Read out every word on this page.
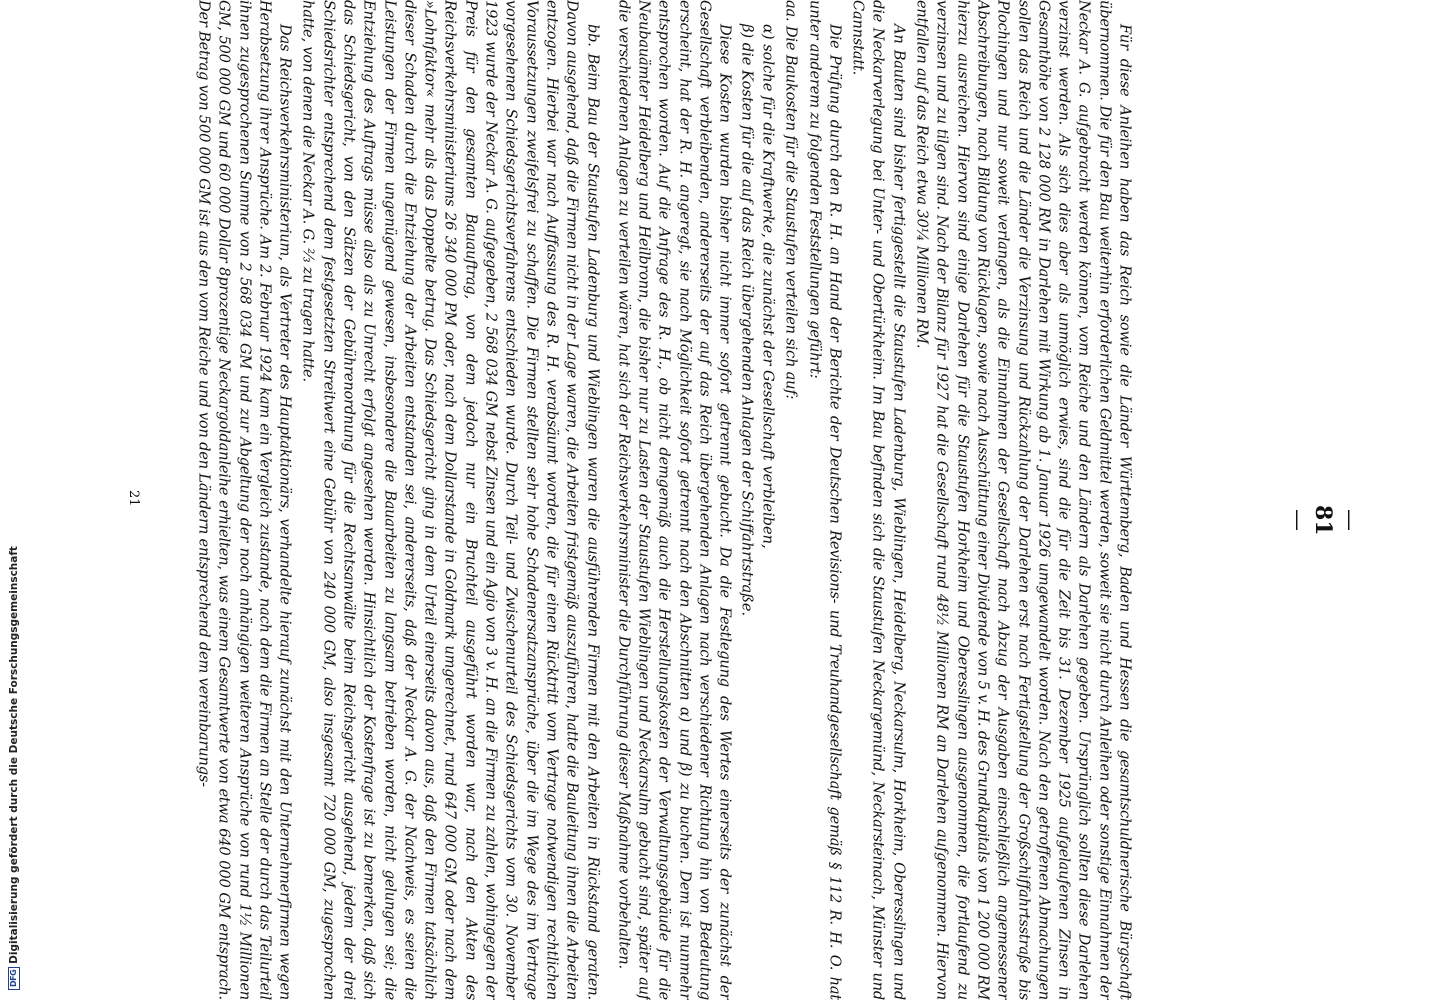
DFG
Digitalisierung gefördert durch die Deutsche Forschungsgemeinschaft	Für diese Anleihen haben das Reich sowie die Länder Württemberg, Baden und Hessen die gesamtschuldnerische Bürgschaft übernommen. Die für den Bau weiterhin erforderlichen Geldmittel werden, soweit sie nicht durch Anleihen oder sonstige Einnahmen der Neckar A. G. aufgebracht werden können, vom Reiche und den Ländern als Darlehen gegeben. Ursprünglich sollten diese Darlehen verzinst werden. Als sich dies aber als unmöglich erwies, sind die für die Zeit bis 31. Dezember 1925 aufgelaufenen Zinsen in Gesamthöhe von 2 128 000 RM in Darlehen mit Wirkung ab 1. Januar 1926 umgewandelt worden. Nach den getroffenen Abmachungen sollen das Reich und die Länder die Verzinsung und Rückzahlung der Darlehen erst nach Fertigstellung der Großschiffahrtsstraße bis Plochingen und nur soweit verlangen, als die Einnahmen der Gesellschaft nach Abzug der Ausgaben einschließlich angemessener Abschreibungen, nach Bildung von Rücklagen, sowie nach Ausschüttung einer Dividende von 5 v. H. des Grundkapitals von 1 200 000 RM hierzu ausreichen. Hiervon sind einige Darlehen für die Staustufen Horkheim und Oberesslingen ausgenommen, die fortlaufend zu verzinsen und zu tilgen sind. Nach der Bilanz für 1927 hat die Gesellschaft rund 48½ Millionen RM an Darlehen aufgenommen. Hiervon entfallen auf das Reich etwa 30¼ Millionen RM.

An Bauten sind bisher fertiggestellt die Staustufen Ladenburg, Wieblingen, Heidelberg, Neckarsulm, Horkheim, Oberesslingen und die Neckarverlegung bei Unter- und Obertürkheim. Im Bau befinden sich die Staustufen Neckargemünd, Neckarsteinach, Münster und Cannstatt.

Die Prüfung durch den R. H. an Hand der Berichte der Deutschen Revisions- und Treuhandgesellschaft gemäß § 112 R. H. O. hat unter anderem zu folgenden Feststellungen geführt:

aa. Die Baukosten für die Staustufen verteilen sich auf:

α) solche für die Kraftwerke, die zunächst der Gesellschaft verbleiben,
β) die Kosten für die auf das Reich übergehenden Anlagen der Schiffahrtstraße.

Diese Kosten wurden bisher nicht immer sofort getrennt gebucht. Da die Festlegung des Wertes einerseits der zunächst der Gesellschaft verbleibenden, andererseits der auf das Reich übergehenden Anlagen nach verschiedener Richtung hin von Bedeutung erscheint, hat der R. H. angeregt, sie nach Möglichkeit sofort getrennt nach den Abschnitten α) und β) zu buchen. Dem ist nunmehr entsprochen worden. Auf die Anfrage des R. H., ob nicht demgemäß auch die Herstellungskosten der Verwaltungsgebäude für die Neubauämter Heidelberg und Heilbronn, die bisher nur zu Lasten der Staustufen Wieblingen und Neckarsulm gebucht sind, später auf die verschiedenen Anlagen zu verteilen wären, hat sich der Reichsverkehrsminister die Durchführung dieser Maßnahme vorbehalten.

bb. Beim Bau der Staustufen Ladenburg und Wieblingen waren die ausführenden Firmen mit den Arbeiten in Rückstand geraten. Davon ausgehend, daß die Firmen nicht in der Lage waren, die Arbeiten fristgemäß auszuführen, hatte die Bauleitung ihnen die Arbeiten entzogen. Hierbei war nach Auffassung des R. H. verabsäumt worden, die für einen Rücktritt vom Vertrage notwendigen rechtlichen Voraussetzungen zweifelsfrei zu schaffen. Die Firmen stellten sehr hohe Schadenersatzansprüche, über die im Wege des im Vertrage vorgesehenen Schiedsgerichtsverfahrens entschieden wurde. Durch Teil- und Zwischenurteil des Schiedsgerichts vom 30. November 1923 wurde der Neckar A. G. aufgegeben, 2 568 034 GM nebst Zinsen und ein Agio von 3 v. H. an die Firmen zu zahlen, wohingegen der Preis für den gesamten Bauauftrag, von dem jedoch nur ein Bruchteil ausgeführt worden war, nach den Akten des Reichsverkehrsministeriums 26 340 000 PM oder, nach dem Dollarstande in Goldmark umgerechnet, rund 647 000 GM oder nach dem »Lohnfaktor« mehr als das Doppelte betrug. Das Schiedsgericht ging in dem Urteil einerseits davon aus, daß den Firmen tatsächlich dieser Schaden durch die Entziehung der Arbeiten entstanden sei, andererseits, daß der Neckar A. G. der Nachweis, es seien die Leistungen der Firmen ungenügend gewesen, insbesondere die Bauarbeiten zu langsam betrieben worden, nicht gelungen sei; die Entziehung des Auftrags müsse also als zu Unrecht erfolgt angesehen werden. Hinsichtlich der Kostenfrage ist zu bemerken, daß sich das Schiedsgericht, von den Sätzen der Gebührenordnung für die Rechtsanwälte beim Reichsgericht ausgehend, jedem der drei Schiedsrichter entsprechend dem festgesetzten Streitwert eine Gebühr von 240 000 GM, also insgesamt 720 000 GM, zugesprochen hatte, von denen die Neckar A. G. ⅔ zu tragen hatte.

Das Reichsverkehrsministerium, als Vertreter des Hauptaktionärs, verhandelte hierauf zunächst mit den Unternehmerfirmen wegen Herabsetzung ihrer Ansprüche. Am 2. Februar 1924 kam ein Vergleich zustande, nach dem die Firmen an Stelle der durch das Teilurteil ihnen zugesprochenen Summe von 2 568 034 GM und zur Abgeltung der noch anhängigen weiteren Ansprüche von rund 1½ Millionen GM, 500 000 GM und 60 000 Dollar 8prozentige Neckargoldanleihe erhielten, was einem Gesamtwerte von etwa 640 000 GM entsprach. Der Betrag von 500 000 GM ist aus den vom Reiche und von den Ländern entsprechend dem vereinbarungs-	— 81 —
21
